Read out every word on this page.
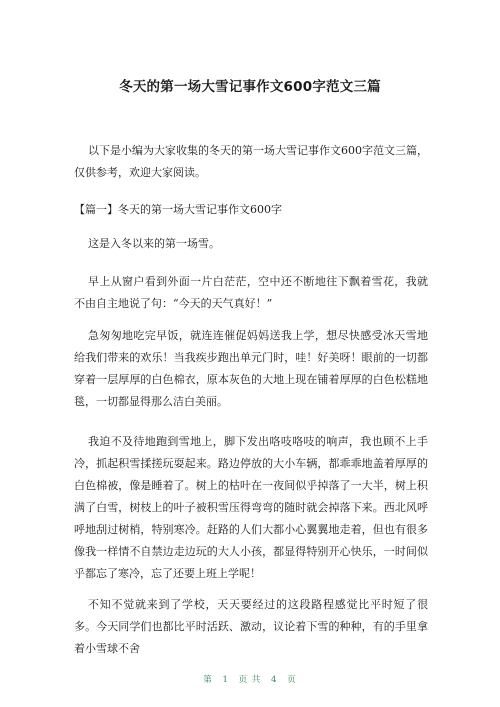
冬天的第一场大雪记事作文600字范文三篇

以下是小编为大家收集的冬天的第一场大雪记事作文600字范文三篇，仅供参考，欢迎大家阅读。

【篇一】冬天的第一场大雪记事作文600字

这是入冬以来的第一场雪。

早上从窗户看到外面一片白茫茫，空中还不断地往下飘着雪花，我就不由自主地说了句：“今天的天气真好！”

急匆匆地吃完早饭，就连连催促妈妈送我上学，想尽快感受冰天雪地给我们带来的欢乐！当我疾步跑出单元门时，哇！好美呀！眼前的一切都穿着一层厚厚的白色棉衣，原本灰色的大地上现在铺着厚厚的白色松糕地毯，一切都显得那么洁白美丽。

我迫不及待地跑到雪地上，脚下发出咯吱咯吱的响声，我也顾不上手冷，抓起积雪揉搓玩耍起来。路边停放的大小车辆，都乖乖地盖着厚厚的白色棉被，像是睡着了。树上的枯叶在一夜间似乎掉落了一大半，树上积满了白雪，树枝上的叶子被积雪压得弯弯的随时就会掉落下来。西北风呼呼地刮过树梢，特别寒冷。赶路的人们大都小心翼翼地走着，但也有很多像我一样情不自禁边走边玩的大人小孩，都显得特别开心快乐，一时间似乎都忘了寒冷，忘了还要上班上学呢！

不知不觉就来到了学校，天天要经过的这段路程感觉比平时短了很多。今天同学们也都比平时活跃、激动，议论着下雪的种种，有的手里拿着小雪球不舍

第 1 页 共 4 页
